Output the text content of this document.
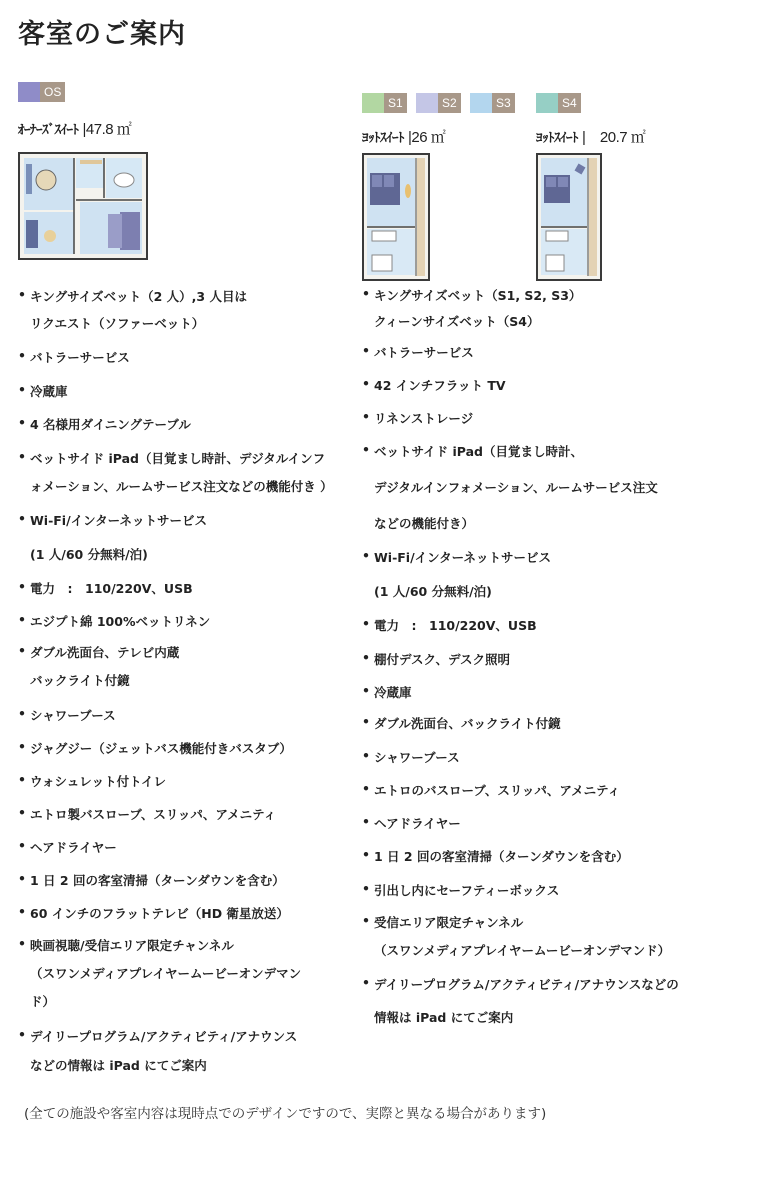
客室のご案内
OS
ｵｰﾅｰｽﾞｽｲｰﾄ |47.8 ㎡
S1	S2	S3	S4
ﾖｯﾄｽｲｰﾄ |26 ㎡	ﾖｯﾄｽｲｰﾄ |　20.7 ㎡
• キングサイズベット（2 人）,3 人目は
リクエスト（ソファーベット）
• バトラーサービス
• 冷蔵庫
• 4 名様用ダイニングテーブル
• ベットサイド iPad（目覚まし時計、デジタルインフ
ォメーション、ルームサービス注文などの機能付き ）
• Wi-Fi/インターネットサービス
(1 人/60 分無料/泊)
• 電力　:　110/220V、USB
• エジプト綿 100%ベットリネン
• ダブル洗面台、テレビ内蔵
バックライト付鏡
• シャワーブース
• ジャグジー（ジェットバス機能付きバスタブ）
• ウォシュレット付トイレ
• エトロ製バスローブ、スリッパ、アメニティ
• ヘアドライヤー
• 1 日 2 回の客室清掃（ターンダウンを含む）
• 60 インチのフラットテレビ（HD 衛星放送）
• 映画視聴/受信エリア限定チャンネル
（スワンメディアプレイヤームービーオンデマン
ド）
• デイリープログラム/アクティビティ/アナウンス
などの情報は iPad にてご案内
• キングサイズベット（S1, S2, S3）
クィーンサイズベット（S4）
• バトラーサービス
• 42 インチフラット TV
• リネンストレージ
• ベットサイド iPad（目覚まし時計、
デジタルインフォメーション、ルームサービス注文
などの機能付き）
• Wi-Fi/インターネットサービス
(1 人/60 分無料/泊)
• 電力　:　110/220V、USB
• 棚付デスク、デスク照明
• 冷蔵庫
• ダブル洗面台、バックライト付鏡
• シャワーブース
• エトロのバスローブ、スリッパ、アメニティ
• ヘアドライヤー
• 1 日 2 回の客室清掃（ターンダウンを含む）
• 引出し内にセーフティーボックス
• 受信エリア限定チャンネル
（スワンメディアプレイヤームービーオンデマンド）
• デイリープログラム/アクティビティ/アナウンスなどの
情報は iPad にてご案内
(全ての施設や客室内容は現時点でのデザインですので、実際と異なる場合があります)
